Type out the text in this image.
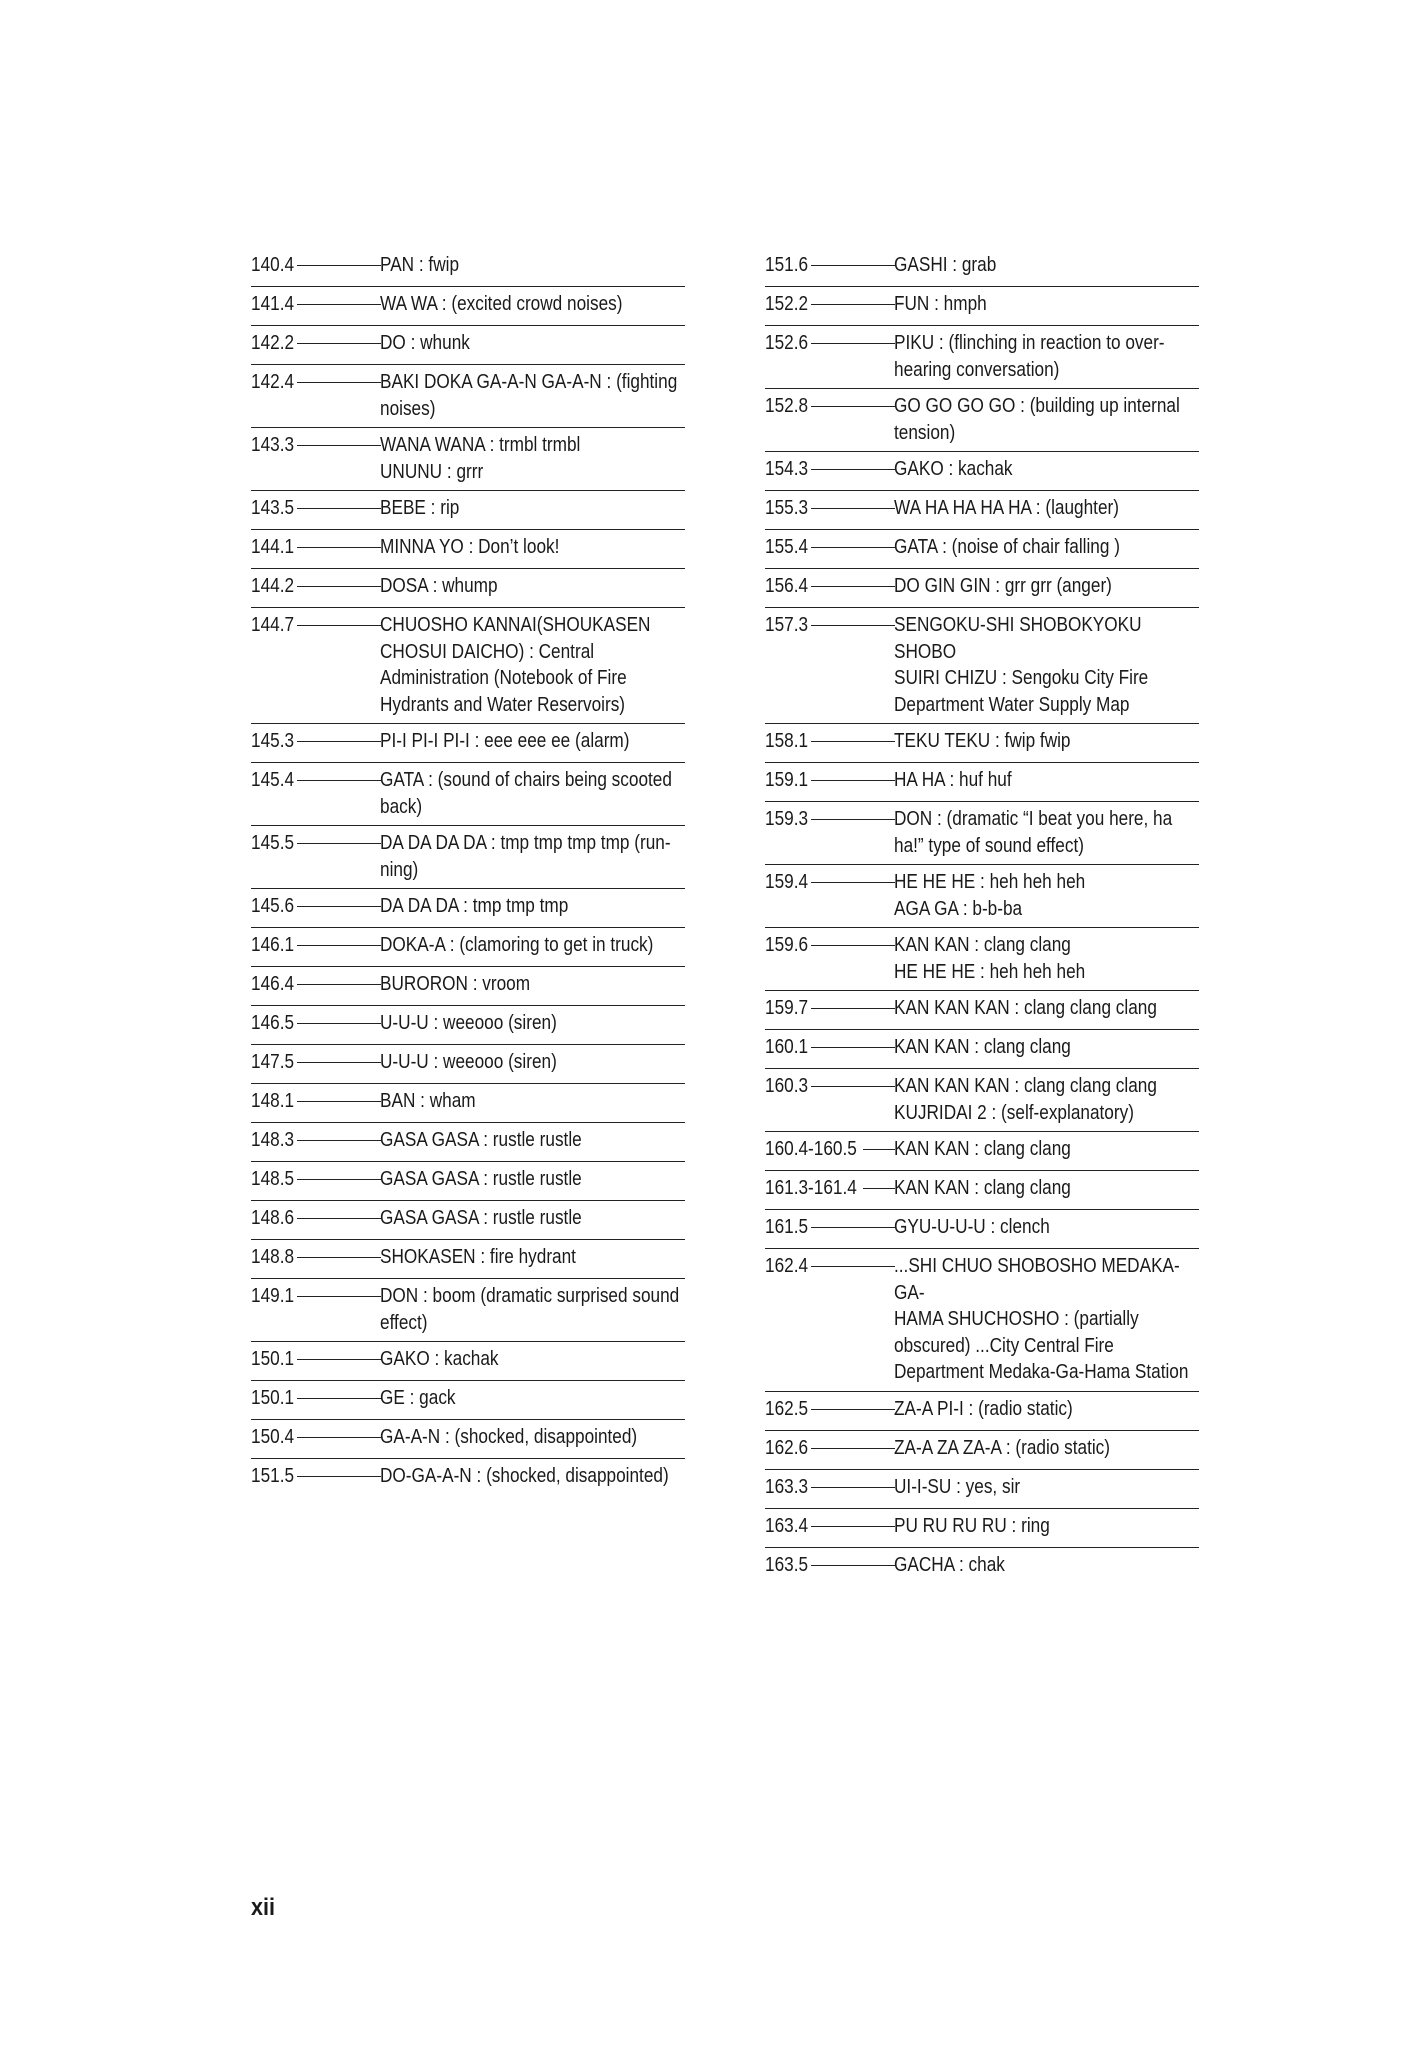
140.4	PAN : fwip
141.4	WA WA : (excited crowd noises)
142.2	DO : whunk
142.4	BAKI DOKA GA-A-N GA-A-N : (fighting
noises)
143.3	WANA WANA : trmbl trmbl
UNUNU : grrr
143.5	BEBE : rip
144.1	MINNA YO : Don’t look!
144.2	DOSA : whump
144.7	CHUOSHO KANNAI(SHOUKASEN
CHOSUI DAICHO) : Central
Administration (Notebook of Fire
Hydrants and Water Reservoirs)
145.3	PI-I PI-I PI-I : eee eee ee (alarm)
145.4	GATA : (sound of chairs being scooted
back)
145.5	DA DA DA DA : tmp tmp tmp tmp (run-
ning)
145.6	DA DA DA : tmp tmp tmp
146.1	DOKA-A : (clamoring to get in truck)
146.4	BURORON : vroom
146.5	U-U-U : weeooo (siren)
147.5	U-U-U : weeooo (siren)
148.1	BAN : wham
148.3	GASA GASA : rustle rustle
148.5	GASA GASA : rustle rustle
148.6	GASA GASA : rustle rustle
148.8	SHOKASEN : fire hydrant
149.1	DON : boom (dramatic surprised sound
effect)
150.1	GAKO : kachak
150.1	GE : gack
150.4	GA-A-N : (shocked, disappointed)
151.5	DO-GA-A-N : (shocked, disappointed)
151.6	GASHI : grab
152.2	FUN : hmph
152.6	PIKU : (flinching in reaction to over-
hearing conversation)
152.8	GO GO GO GO : (building up internal
tension)
154.3	GAKO : kachak
155.3	WA HA HA HA HA : (laughter)
155.4	GATA : (noise of chair falling )
156.4	DO GIN GIN : grr grr (anger)
157.3	SENGOKU-SHI SHOBOKYOKU SHOBO
SUIRI CHIZU : Sengoku City Fire
Department Water Supply Map
158.1	TEKU TEKU : fwip fwip
159.1	HA HA : huf huf
159.3	DON : (dramatic “I beat you here, ha
ha!” type of sound effect)
159.4	HE HE HE : heh heh heh
AGA GA : b-b-ba
159.6	KAN KAN : clang clang
HE HE HE : heh heh heh
159.7	KAN KAN KAN : clang clang clang
160.1	KAN KAN : clang clang
160.3	KAN KAN KAN : clang clang clang
KUJRIDAI 2 : (self-explanatory)
160.4-160.5 KAN KAN : clang clang
161.3-161.4 KAN KAN : clang clang
161.5	GYU-U-U-U : clench
162.4	...SHI CHUO SHOBOSHO MEDAKA-GA-
HAMA SHUCHOSHO : (partially
obscured) ...City Central Fire
Department Medaka-Ga-Hama Station
162.5	ZA-A PI-I : (radio static)
162.6	ZA-A ZA ZA-A : (radio static)
163.3	UI-I-SU : yes, sir
163.4	PU RU RU RU : ring
163.5	GACHA : chak
xii
